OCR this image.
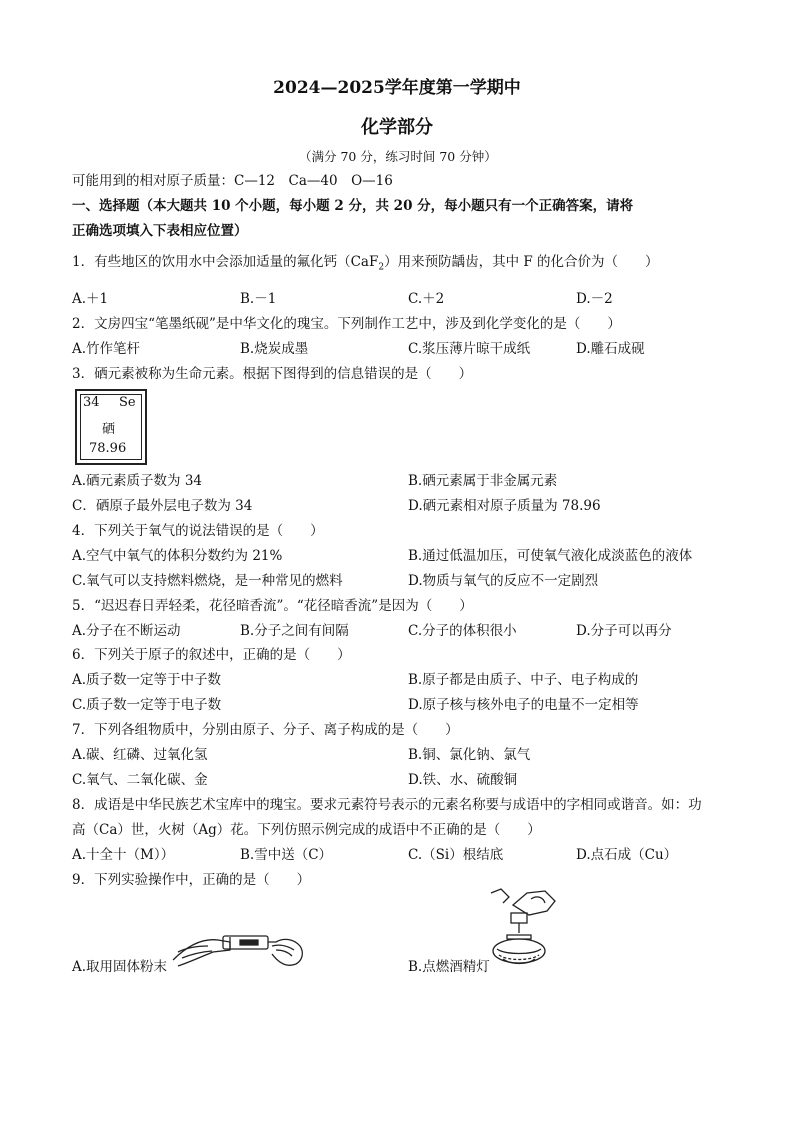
2024—2025学年度第一学期中
化学部分
（满分 70 分，练习时间 70 分钟）
可能用到的相对原子质量：C—12　Ca—40　O—16
一、选择题（本大题共 10 个小题，每小题 2 分，共 20 分，每小题只有一个正确答案，请将
正确选项填入下表相应位置）
1．有些地区的饮用水中会添加适量的氟化钙（CaF$_2$）用来预防龋齿，其中 F 的化合价为（　　）
A.＋1	B.－1	C.＋2	D.－2
2．文房四宝“笔墨纸砚”是中华文化的瑰宝。下列制作工艺中，涉及到化学变化的是（　　）
A.竹作笔杆	B.烧炭成墨	C.浆压薄片晾干成纸	D.雕石成砚
3．硒元素被称为生命元素。根据下图得到的信息错误的是（　　）
34 Se
硒
78.96
A.硒元素质子数为 34	B.硒元素属于非金属元素
C．硒原子最外层电子数为 34	D.硒元素相对原子质量为 78.96
4．下列关于氧气的说法错误的是（　　）
A.空气中氧气的体积分数约为 21%	B.通过低温加压，可使氧气液化成淡蓝色的液体
C.氧气可以支持燃料燃烧，是一种常见的燃料	D.物质与氧气的反应不一定剧烈
5．“迟迟春日弄轻柔，花径暗香流”。“花径暗香流”是因为（　　）
A.分子在不断运动	B.分子之间有间隔	C.分子的体积很小	D.分子可以再分
6．下列关于原子的叙述中，正确的是（　　）
A.质子数一定等于中子数	B.原子都是由质子、中子、电子构成的
C.质子数一定等于电子数	D.原子核与核外电子的电量不一定相等
7．下列各组物质中，分别由原子、分子、离子构成的是（　　）
A.碳、红磷、过氧化氢	B.铜、氯化钠、氯气
C.氧气、二氧化碳、金	D.铁、水、硫酸铜
8．成语是中华民族艺术宝库中的瑰宝。要求元素符号表示的元素名称要与成语中的字相同或谐音。如：功
高（Ca）世，火树（Ag）花。下列仿照示例完成的成语中不正确的是（　　）
A.十全十（M））	B.雪中送（C）	C.（Si）根结底	D.点石成（Cu）
9．下列实验操作中，正确的是（　　）
A.取用固体粉末	B.点燃酒精灯
